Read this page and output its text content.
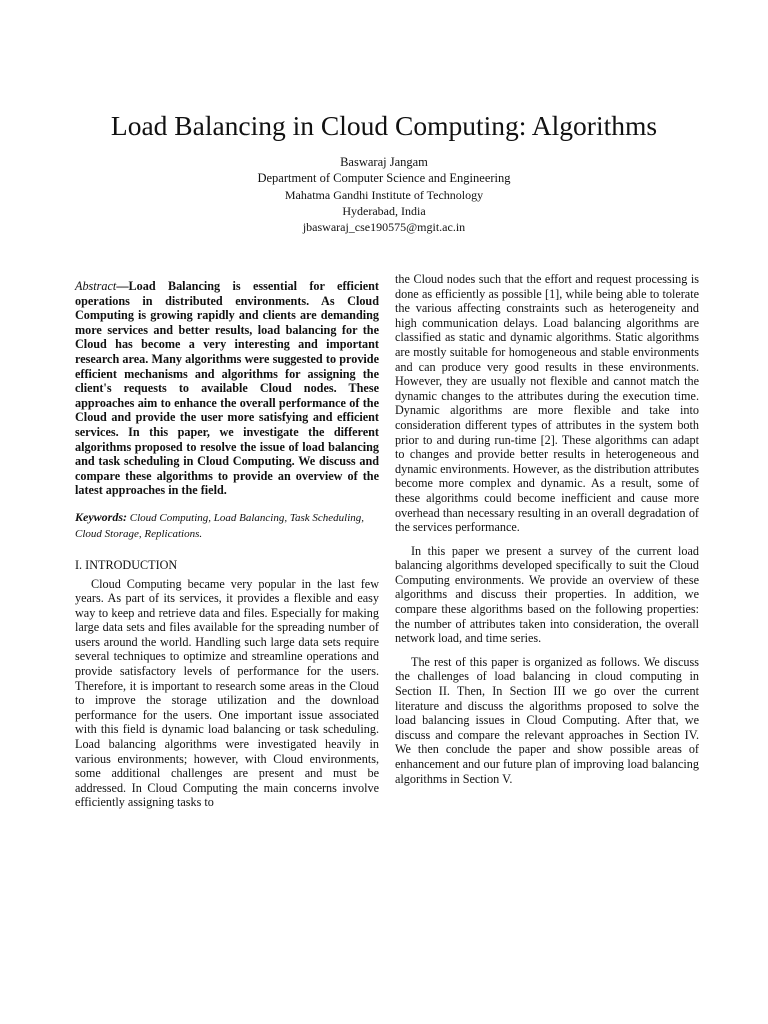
Load Balancing in Cloud Computing: Algorithms
Baswaraj Jangam
Department of Computer Science and Engineering
Mahatma Gandhi Institute of Technology
Hyderabad, India
jbaswaraj_cse190575@mgit.ac.in

Abstract—Load Balancing is essential for efficient operations in distributed environments. As Cloud Computing is growing rapidly and clients are demanding more services and better results, load balancing for the Cloud has become a very interesting and important research area. Many algorithms were suggested to provide efficient mechanisms and algorithms for assigning the client's requests to available Cloud nodes. These approaches aim to enhance the overall performance of the Cloud and provide the user more satisfying and efficient services. In this paper, we investigate the different algorithms proposed to resolve the issue of load balancing and task scheduling in Cloud Computing. We discuss and compare these algorithms to provide an overview of the latest approaches in the field.

Keywords: Cloud Computing, Load Balancing, Task Scheduling, Cloud Storage, Replications.

I. INTRODUCTION

Cloud Computing became very popular in the last few years. As part of its services, it provides a flexible and easy way to keep and retrieve data and files. Especially for making large data sets and files available for the spreading number of users around the world. Handling such large data sets require several techniques to optimize and streamline operations and provide satisfactory levels of performance for the users. Therefore, it is important to research some areas in the Cloud to improve the storage utilization and the download performance for the users. One important issue associated with this field is dynamic load balancing or task scheduling. Load balancing algorithms were investigated heavily in various environments; however, with Cloud environments, some additional challenges are present and must be addressed. In Cloud Computing the main concerns involve efficiently assigning tasks to

the Cloud nodes such that the effort and request processing is done as efficiently as possible [1], while being able to tolerate the various affecting constraints such as heterogeneity and high communication delays. Load balancing algorithms are classified as static and dynamic algorithms. Static algorithms are mostly suitable for homogeneous and stable environments and can produce very good results in these environments. However, they are usually not flexible and cannot match the dynamic changes to the attributes during the execution time. Dynamic algorithms are more flexible and take into consideration different types of attributes in the system both prior to and during run-time [2]. These algorithms can adapt to changes and provide better results in heterogeneous and dynamic environments. However, as the distribution attributes become more complex and dynamic. As a result, some of these algorithms could become inefficient and cause more overhead than necessary resulting in an overall degradation of the services performance.

In this paper we present a survey of the current load balancing algorithms developed specifically to suit the Cloud Computing environments. We provide an overview of these algorithms and discuss their properties. In addition, we compare these algorithms based on the following properties: the number of attributes taken into consideration, the overall network load, and time series.

The rest of this paper is organized as follows. We discuss the challenges of load balancing in cloud computing in Section II. Then, In Section III we go over the current literature and discuss the algorithms proposed to solve the load balancing issues in Cloud Computing. After that, we discuss and compare the relevant approaches in Section IV. We then conclude the paper and show possible areas of enhancement and our future plan of improving load balancing algorithms in Section V.
